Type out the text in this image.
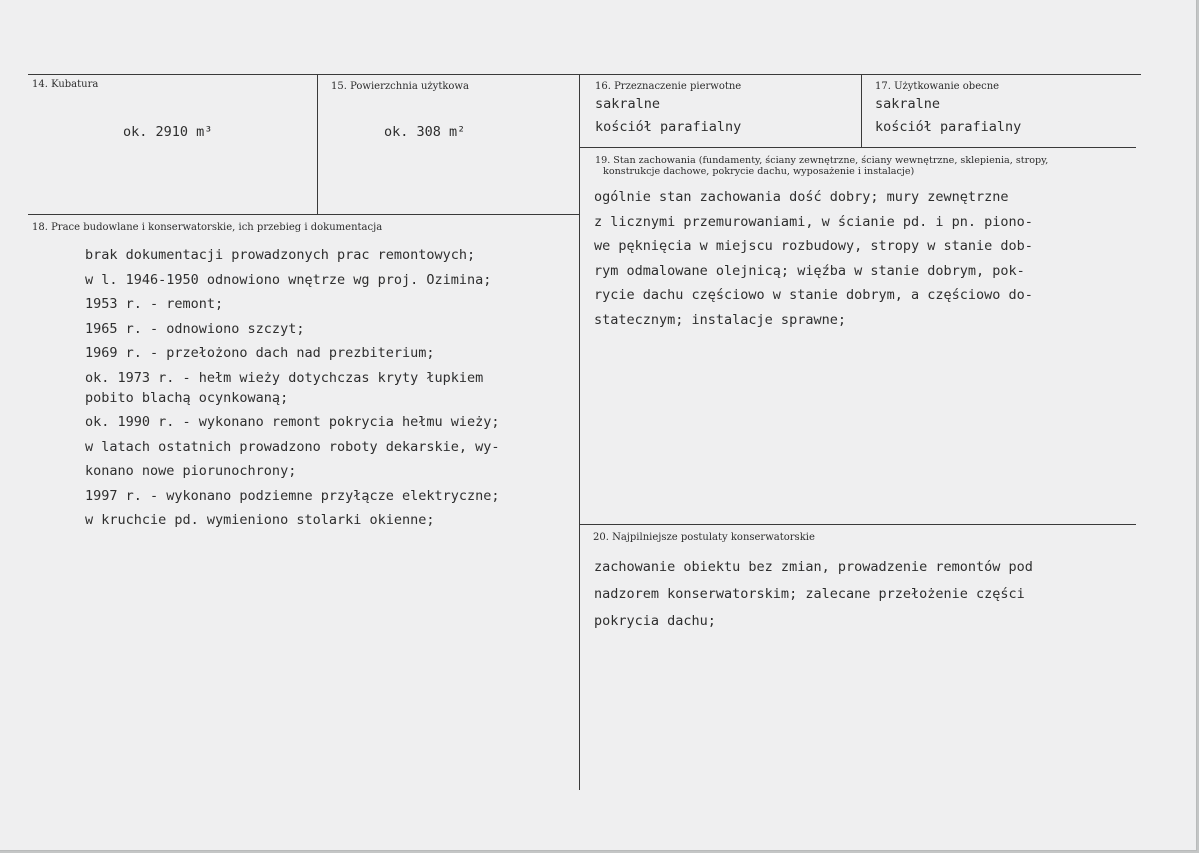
14. Kubatura

ok. 2910 m³

15. Powierzchnia użytkowa

ok. 308 m²

16. Przeznaczenie pierwotne

sakralne
kościół parafialny

17. Użytkowanie obecne

sakralne
kościół parafialny

19. Stan zachowania (fundamenty, ściany zewnętrzne, ściany wewnętrzne, sklepienia, stropy,

konstrukcje dachowe, pokrycie dachu, wyposażenie i instalacje)

ogólnie stan zachowania dość dobry; mury zewnętrzne
z licznymi przemurowaniami, w ścianie pd. i pn. piono-
we pęknięcia w miejscu rozbudowy, stropy w stanie dob-
rym odmalowane olejnicą; więźba w stanie dobrym, pok-
rycie dachu częściowo w stanie dobrym, a częściowo do-
statecznym; instalacje sprawne;

18. Prace budowlane i konserwatorskie, ich przebieg i dokumentacja

brak dokumentacji prowadzonych prac remontowych;
w l. 1946-1950 odnowiono wnętrze wg proj. Ozimina;
1953 r. - remont;
1965 r. - odnowiono szczyt;
1969 r. - przełożono dach nad prezbiterium;
ok. 1973 r. - hełm wieży dotychczas kryty łupkiem
pobito blachą ocynkowaną;
ok. 1990 r. - wykonano remont pokrycia hełmu wieży;
w latach ostatnich prowadzono roboty dekarskie, wy-
konano nowe piorunochrony;
1997 r. - wykonano podziemne przyłącze elektryczne;
w kruchcie pd. wymieniono stolarki okienne;

20. Najpilniejsze postulaty konserwatorskie

zachowanie obiektu bez zmian, prowadzenie remontów pod
nadzorem konserwatorskim; zalecane przełożenie części
pokrycia dachu;
